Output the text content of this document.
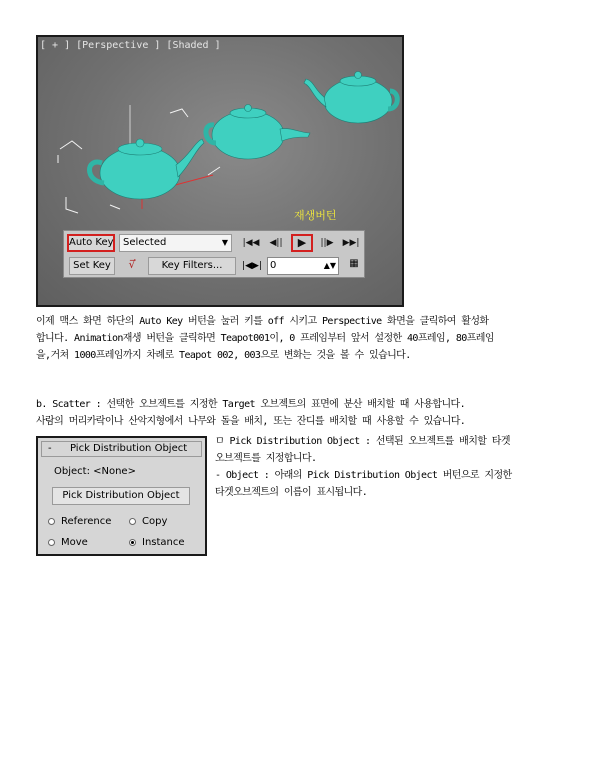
[ + ] [Perspective ] [Shaded ]
재생버턴
Auto Key Selected	▼ |◀◀	◀||	▶	||▶	▶▶|
Set Key	√̅	Key Filters...	|◀▶| 0	▲▼	▦
이제 맥스 화면 하단의 Auto Key 버턴을 눌러 키를 off 시키고 Perspective 화면을 클릭하여 활성화
합니다. Animation재생 버턴을 클릭하면 Teapot001이, 0 프레임부터 앞서 설정한 40프레임, 80프레임
을,거쳐 1000프레임까지 차례로 Teapot 002, 003으로 변화는 것을 볼 수 있습니다.
b. Scatter : 선택한 오브젝트를 지정한 Target 오브젝트의 표면에 분산 배치할 때 사용합니다.
사람의 머리카락이나 산악지형에서 나무와 돌을 배치, 또는 잔디를 배치할 때 사용할 수 있습니다.
- Pick Distribution Object
Object: <None>
Pick Distribution Object
Reference	Copy
Move	Instance
ㅁ Pick Distribution Object : 선택된 오브젝트를 배치할 타겟
오브젝트를 지정합니다.
- Object : 아래의 Pick Distribution Object 버턴으로 지정한
타겟오브젝트의 이름이 표시됩니다.
